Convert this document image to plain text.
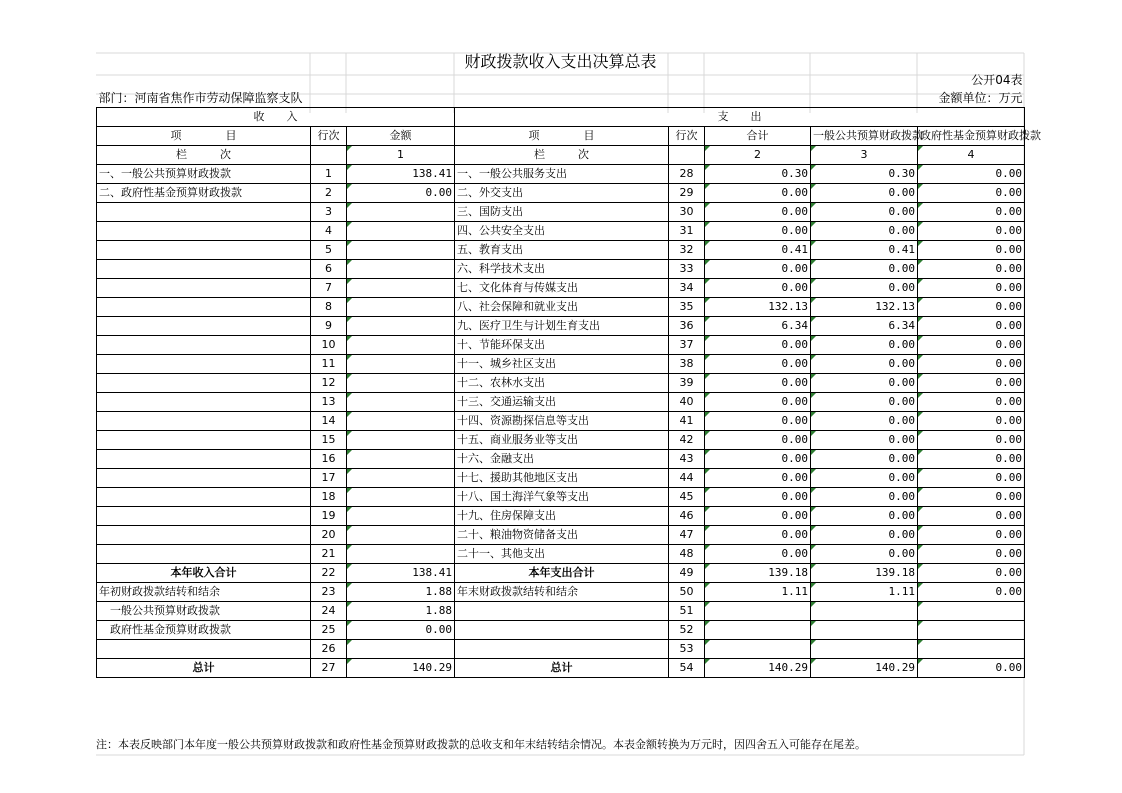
财政拨款收入支出决算总表							
							公开04表
部门：河南省焦作市劳动保障监察支队							金额单位：万元
收　　入			支　　出				
项　　　　目	行次	金额	项　　　　目	行次	合计	一般公共预算财政拨款	政府性基金预算财政拨款
栏　　　次		1	栏　　　次		2	3	4
一、一般公共预算财政拨款	1	138.41	一、一般公共服务支出	28	0.30	0.30	0.00
二、政府性基金预算财政拨款	2	0.00	二、外交支出	29	0.00	0.00	0.00
	3		三、国防支出	30	0.00	0.00	0.00
	4		四、公共安全支出	31	0.00	0.00	0.00
	5		五、教育支出	32	0.41	0.41	0.00
	6		六、科学技术支出	33	0.00	0.00	0.00
	7		七、文化体育与传媒支出	34	0.00	0.00	0.00
	8		八、社会保障和就业支出	35	132.13	132.13	0.00
	9		九、医疗卫生与计划生育支出	36	6.34	6.34	0.00
	10		十、节能环保支出	37	0.00	0.00	0.00
	11		十一、城乡社区支出	38	0.00	0.00	0.00
	12		十二、农林水支出	39	0.00	0.00	0.00
	13		十三、交通运输支出	40	0.00	0.00	0.00
	14		十四、资源勘探信息等支出	41	0.00	0.00	0.00
	15		十五、商业服务业等支出	42	0.00	0.00	0.00
	16		十六、金融支出	43	0.00	0.00	0.00
	17		十七、援助其他地区支出	44	0.00	0.00	0.00
	18		十八、国土海洋气象等支出	45	0.00	0.00	0.00
	19		十九、住房保障支出	46	0.00	0.00	0.00
	20		二十、粮油物资储备支出	47	0.00	0.00	0.00
	21		二十一、其他支出	48	0.00	0.00	0.00
本年收入合计	22	138.41	本年支出合计	49	139.18	139.18	0.00
年初财政拨款结转和结余	23	1.88	年末财政拨款结转和结余	50	1.11	1.11	0.00
　一般公共预算财政拨款	24	1.88		51			
　政府性基金预算财政拨款	25	0.00		52			
	26			53			
总计	27	140.29	总计	54	140.29	140.29	0.00
注：本表反映部门本年度一般公共预算财政拨款和政府性基金预算财政拨款的总收支和年末结转结余情况。本表金额转换为万元时，因四舍五入可能存在尾差。
